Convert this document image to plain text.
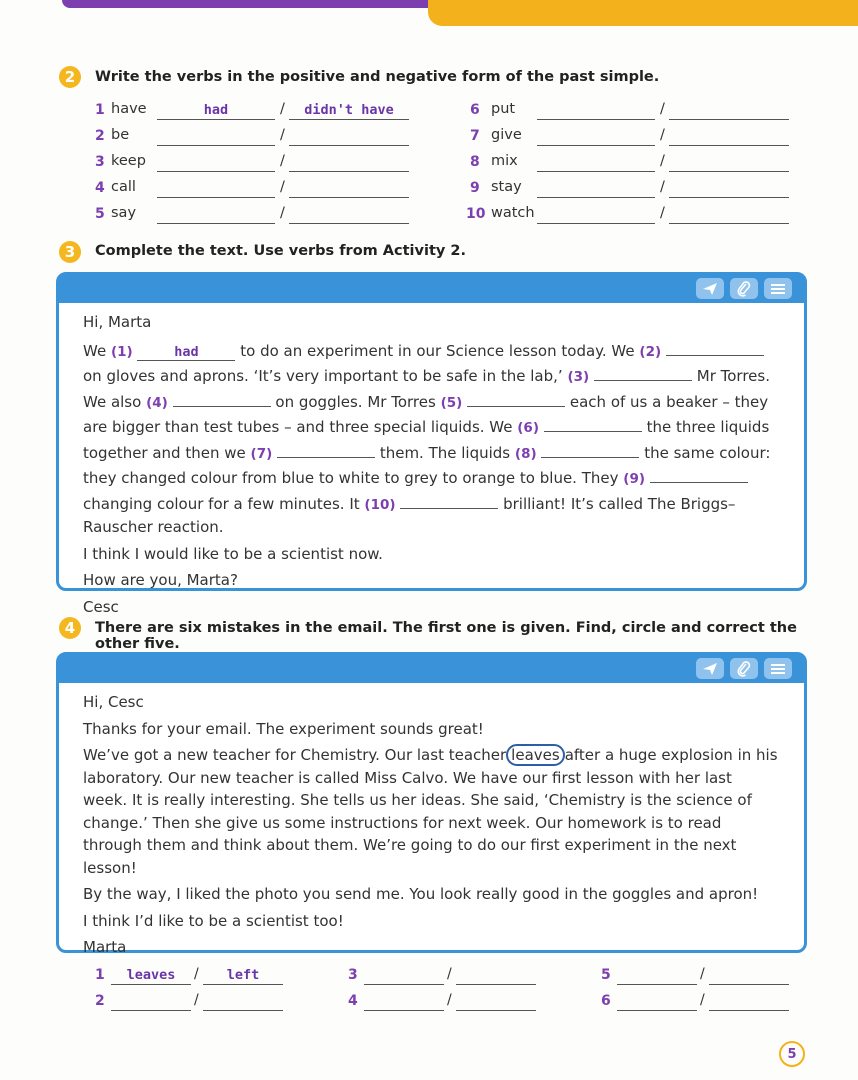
2	Write the verbs in the positive and negative form of the past simple.
1 have	had	/	didn't have
2 be	/
3 keep	/
4 call	/
5 say	/
6 put	/
7 give	/
8 mix	/
9 stay	/
10 watch	/
3	Complete the text. Use verbs from Activity 2.

Hi, Marta

We (1)	had	to do an experiment in our Science lesson today. We (2)  on gloves and aprons. ‘It’s very important to be safe in the lab,’ (3)	Mr Torres. We also (4)	on goggles. Mr Torres (5)	each of us a beaker – they are bigger than test tubes – and three special liquids. We (6)	the three liquids together and then we (7)	them. The liquids (8)	the same colour: they changed colour from blue to white to grey to orange to blue. They (9)  changing colour for a few minutes. It (10)	brilliant! It’s called The Briggs–Rauscher reaction.

I think I would like to be a scientist now.

How are you, Marta?

Cesc

4	There are six mistakes in the email. The first one is given. Find, circle and correct the other five.

Hi, Cesc

Thanks for your email. The experiment sounds great!

We’ve got a new teacher for Chemistry. Our last teacher leaves after a huge explosion in his laboratory. Our new teacher is called Miss Calvo. We have our first lesson with her last week. It is really interesting. She tells us her ideas. She said, ‘Chemistry is the science of change.’ Then she give us some instructions for next week. Our homework is to read through them and think about them. We’re going to do our first experiment in the next lesson!

By the way, I liked the photo you send me. You look really good in the goggles and apron!

I think I’d like to be a scientist too!

Marta

1	leaves	/	left
2	/
3	/
4	/
5	/
6	/
5
